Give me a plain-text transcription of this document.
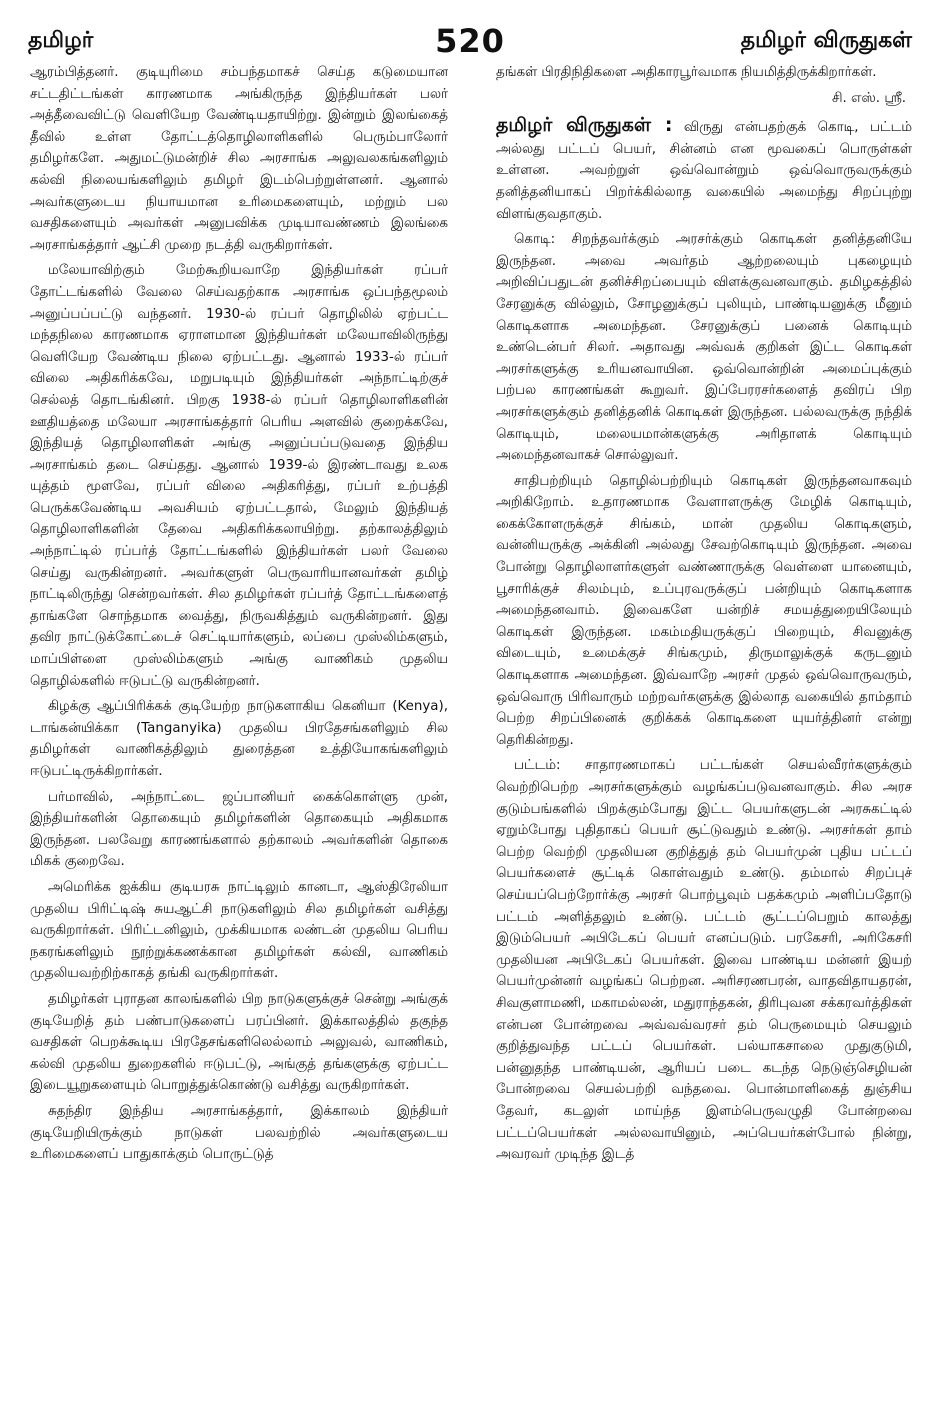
தமிழர்	520	தமிழர் விருதுகள்

ஆரம்பித்தனர். குடியுரிமை சம்பந்தமாகச் செய்த கடுமையான சட்டதிட்டங்கள் காரணமாக அங்கிருந்த இந்தியர்கள் பலர் அத்தீவைவிட்டு வெளியேற வேண்டியதாயிற்று. இன்றும் இலங்கைத் தீவில் உள்ள தோட்டத்தொழிலாளிகளில் பெரும்பாலோர் தமிழர்களே. அதுமட்டுமன்றிச் சில அரசாங்க அலுவலகங்களிலும் கல்வி நிலையங்களிலும் தமிழர் இடம்பெற்றுள்ளனர். ஆனால் அவர்களுடைய நியாயமான உரிமைகளையும், மற்றும் பல வசதிகளையும் அவர்கள் அனுபவிக்க முடியாவண்ணம் இலங்கை அரசாங்கத்தார் ஆட்சி முறை நடத்தி வருகிறார்கள்.

மலேயாவிற்கும் மேற்கூறியவாறே இந்தியர்கள் ரப்பர் தோட்டங்களில் வேலை செய்வதற்காக அரசாங்க ஒப்பந்தமூலம் அனுப்பப்பட்டு வந்தனர். 1930-ல் ரப்பர் தொழிலில் ஏற்பட்ட மந்தநிலை காரணமாக ஏராளமான இந்தியர்கள் மலேயாவிலிருந்து வெளியேற வேண்டிய நிலை ஏற்பட்டது. ஆனால் 1933-ல் ரப்பர் விலை அதிகரிக்கவே, மறுபடியும் இந்தியர்கள் அந்நாட்டிற்குச் செல்லத் தொடங்கினர். பிறகு 1938-ல் ரப்பர் தொழிலாளிகளின் ஊதியத்தை மலேயா அரசாங்கத்தார் பெரிய அளவில் குறைக்கவே, இந்தியத் தொழிலாளிகள் அங்கு அனுப்பப்படுவதை இந்திய அரசாங்கம் தடை செய்தது. ஆனால் 1939-ல் இரண்டாவது உலக யுத்தம் மூளவே, ரப்பர் விலை அதிகரித்து, ரப்பர் உற்பத்தி பெருக்கவேண்டிய அவசியம் ஏற்பட்டதால், மேலும் இந்தியத் தொழிலாளிகளின் தேவை அதிகரிக்கலாயிற்று. தற்காலத்திலும் அந்நாட்டில் ரப்பர்த் தோட்டங்களில் இந்தியர்கள் பலர் வேலை செய்து வருகின்றனர். அவர்களுள் பெருவாரியானவர்கள் தமிழ் நாட்டிலிருந்து சென்றவர்கள். சில தமிழர்கள் ரப்பர்த் தோட்டங்களைத் தாங்களே சொந்தமாக வைத்து, நிருவகித்தும் வருகின்றனர். இது தவிர நாட்டுக்கோட்டைச் செட்டியார்களும், லப்பை முஸ்லிம்களும், மாப்பிள்ளை முஸ்லிம்களும் அங்கு வாணிகம் முதலிய தொழில்களில் ஈடுபட்டு வருகின்றனர்.

கிழக்கு ஆப்பிரிக்கக் குடியேற்ற நாடுகளாகிய கெனியா (Kenya), டாங்கன்யிக்கா (Tanganyika) முதலிய பிரதேசங்களிலும் சில தமிழர்கள் வாணிகத்திலும் துரைத்தன உத்தியோகங்களிலும் ஈடுபட்டிருக்கிறார்கள்.

பர்மாவில், அந்நாட்டை ஜப்பானியர் கைக்கொள்ளு முன், இந்தியர்களின் தொகையும் தமிழர்களின் தொகையும் அதிகமாக இருந்தன. பலவேறு காரணங்களால் தற்காலம் அவர்களின் தொகை மிகக் குறைவே.

அமெரிக்க ஐக்கிய குடியரசு நாட்டிலும் கானடா, ஆஸ்திரேலியா முதலிய பிரிட்டிஷ் சுயஆட்சி நாடுகளிலும் சில தமிழர்கள் வசித்து வருகிறார்கள். பிரிட்டனிலும், முக்கியமாக லண்டன் முதலிய பெரிய நகரங்களிலும் நூற்றுக்கணக்கான தமிழர்கள் கல்வி, வாணிகம் முதலியவற்றிற்காகத் தங்கி வருகிறார்கள்.

தமிழர்கள் புராதன காலங்களில் பிற நாடுகளுக்குச் சென்று அங்குக் குடியேறித் தம் பண்பாடுகளைப் பரப்பினர். இக்காலத்தில் தகுந்த வசதிகள் பெறக்கூடிய பிரதேசங்களிலெல்லாம் அலுவல், வாணிகம், கல்வி முதலிய துறைகளில் ஈடுபட்டு, அங்குத் தங்களுக்கு ஏற்பட்ட இடையூறுகளையும் பொறுத்துக்கொண்டு வசித்து வருகிறார்கள்.

சுதந்திர இந்திய அரசாங்கத்தார், இக்காலம் இந்தியர் குடியேறியிருக்கும் நாடுகள் பலவற்றில் அவர்களுடைய உரிமைகளைப் பாதுகாக்கும் பொருட்டுத்

தங்கள் பிரதிநிதிகளை அதிகாரபூர்வமாக நியமித்திருக்கிறார்கள்.

சி. எஸ். ஸ்ரீ.

தமிழர் விருதுகள் : விருது என்பதற்குக் கொடி, பட்டம் அல்லது பட்டப் பெயர், சின்னம் என மூவகைப் பொருள்கள் உள்ளன. அவற்றுள் ஒவ்வொன்றும் ஒவ்வொருவருக்கும் தனித்தனியாகப் பிறர்க்கில்லாத வகையில் அமைந்து சிறப்புற்று விளங்குவதாகும்.

கொடி: சிறந்தவர்க்கும் அரசர்க்கும் கொடிகள் தனித்தனியே இருந்தன. அவை அவர்தம் ஆற்றலையும் புகழையும் அறிவிப்பதுடன் தனிச்சிறப்பையும் விளக்குவனவாகும். தமிழகத்தில் சேரனுக்கு வில்லும், சோழனுக்குப் புலியும், பாண்டியனுக்கு மீனும் கொடிகளாக அமைந்தன. சேரனுக்குப் பனைக் கொடியும் உண்டென்பர் சிலர். அதாவது அவ்வக் குறிகள் இட்ட கொடிகள் அரசர்களுக்கு உரியனவாயின. ஒவ்வொன்றின் அமைப்புக்கும் பற்பல காரணங்கள் கூறுவர். இப்பேரரசர்களைத் தவிரப் பிற அரசர்களுக்கும் தனித்தனிக் கொடிகள் இருந்தன. பல்லவருக்கு நந்திக் கொடியும், மலையமான்களுக்கு அரிதாளக் கொடியும் அமைந்தனவாகச் சொல்லுவர்.

சாதிபற்றியும் தொழில்பற்றியும் கொடிகள் இருந்தனவாகவும் அறிகிறோம். உதாரணமாக வேளாளருக்கு மேழிக் கொடியும், கைக்கோளருக்குச் சிங்கம், மான் முதலிய கொடிகளும், வன்னியருக்கு அக்கினி அல்லது சேவற்கொடியும் இருந்தன. அவை போன்று தொழிலாளர்களுள் வண்ணாருக்கு வெள்ளை யானையும், பூசாரிக்குச் சிலம்பும், உப்புரவருக்குப் பன்றியும் கொடிகளாக அமைந்தனவாம். இவைகளே யன்றிச் சமயத்துறையிலேயும் கொடிகள் இருந்தன. மகம்மதியருக்குப் பிறையும், சிவனுக்கு விடையும், உமைக்குச் சிங்கமும், திருமாலுக்குக் கருடனும் கொடிகளாக அமைந்தன. இவ்வாறே அரசர் முதல் ஒவ்வொருவரும், ஒவ்வொரு பிரிவாரும் மற்றவர்களுக்கு இல்லாத வகையில் தாம்தாம் பெற்ற சிறப்பினைக் குறிக்கக் கொடிகளை யுயர்த்தினர் என்று தெரிகின்றது.

பட்டம்: சாதாரணமாகப் பட்டங்கள் செயல்வீரர்களுக்கும் வெற்றிபெற்ற அரசர்களுக்கும் வழங்கப்படுவனவாகும். சில அரச குடும்பங்களில் பிறக்கும்போது இட்ட பெயர்களுடன் அரசுகட்டில் ஏறும்போது புதிதாகப் பெயர் சூட்டுவதும் உண்டு. அரசர்கள் தாம் பெற்ற வெற்றி முதலியன குறித்துத் தம் பெயர்முன் புதிய பட்டப் பெயர்களைச் சூட்டிக் கொள்வதும் உண்டு. தம்மால் சிறப்புச் செய்யப்பெற்றோர்க்கு அரசர் பொற்பூவும் பதக்கமும் அளிப்பதோடு பட்டம் அளித்தலும் உண்டு. பட்டம் சூட்டப்பெறும் காலத்து இடும்பெயர் அபிடேகப் பெயர் எனப்படும். பரகேசரி, அரிகேசரி முதலியன அபிடேகப் பெயர்கள். இவை பாண்டிய மன்னர் இயற் பெயர்முன்னர் வழங்கப் பெற்றன. அரிசரணபரன், வாதவிதாயதரன், சிவகுளாமணி, மகாமல்லன், மதுராந்தகன், திரிபுவன சக்கரவர்த்திகள் என்பன போன்றவை அவ்வவ்வரசர் தம் பெருமையும் செயலும் குறித்துவந்த பட்டப் பெயர்கள். பல்யாகசாலை முதுகுடுமி, பன்னுதந்த பாண்டியன், ஆரியப் படை கடந்த நெடுஞ்செழியன் போன்றவை செயல்பற்றி வந்தவை. பொன்மாளிகைத் துஞ்சிய தேவர், கடலுள் மாய்ந்த இளம்பெருவழுதி போன்றவை பட்டப்பெயர்கள் அல்லவாயினும், அப்பெயர்கள்போல் நின்று, அவரவர் முடிந்த இடத்
